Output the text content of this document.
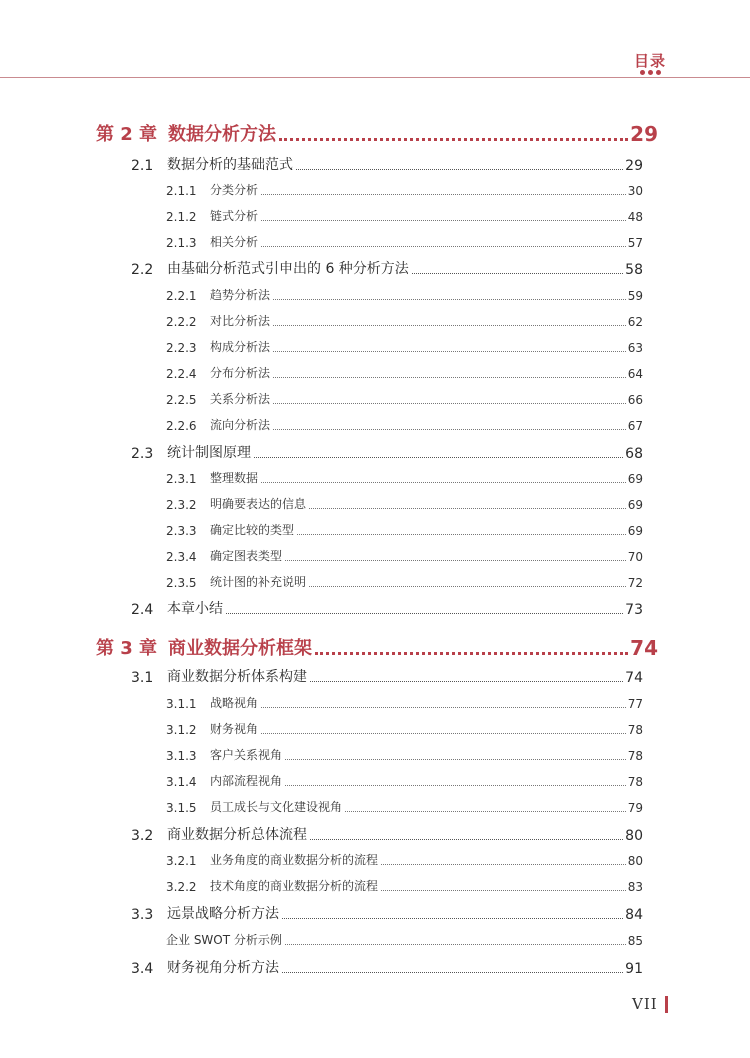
目录
第 2 章 数据分析方法	29
2.1 数据分析的基础范式	29
2.1.1	分类分析	30
2.1.2	链式分析	48
2.1.3	相关分析	57
2.2 由基础分析范式引申出的 6 种分析方法	58
2.2.1	趋势分析法	59
2.2.2	对比分析法	62
2.2.3	构成分析法	63
2.2.4	分布分析法	64
2.2.5	关系分析法	66
2.2.6	流向分析法	67
2.3 统计制图原理	68
2.3.1	整理数据	69
2.3.2	明确要表达的信息	69
2.3.3	确定比较的类型	69
2.3.4	确定图表类型	70
2.3.5	统计图的补充说明	72
2.4 本章小结	73
第 3 章 商业数据分析框架	74
3.1 商业数据分析体系构建	74
3.1.1	战略视角	77
3.1.2	财务视角	78
3.1.3	客户关系视角	78
3.1.4	内部流程视角	78
3.1.5	员工成长与文化建设视角	79
3.2 商业数据分析总体流程	80
3.2.1	业务角度的商业数据分析的流程	80
3.2.2	技术角度的商业数据分析的流程	83
3.3 远景战略分析方法	84
企业 SWOT 分析示例	85
3.4 财务视角分析方法	91
VII
